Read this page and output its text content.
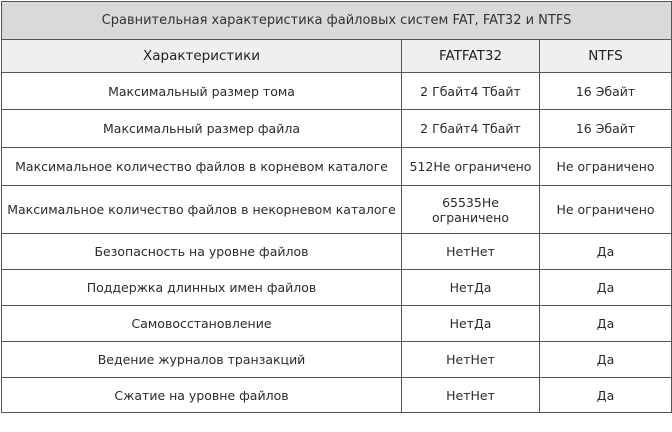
Сравнительная характеристика файловых систем FAT, FAT32 и NTFS		
Характеристики	FATFAT32	NTFS
Максимальный размер тома	2 Гбайт4 Тбайт	16 Эбайт
Максимальный размер файла	2 Гбайт4 Тбайт	16 Эбайт
Максимальное количество файлов в корневом каталоге	512Не ограничено	Не ограничено
Максимальное количество файлов в некорневом каталоге	65535Не ограничено	Не ограничено
Безопасность на уровне файлов	НетНет	Да
Поддержка длинных имен файлов	НетДа	Да
Самовосстановление	НетДа	Да
Ведение журналов транзакций	НетНет	Да
Сжатие на уровне файлов	НетНет	Да
